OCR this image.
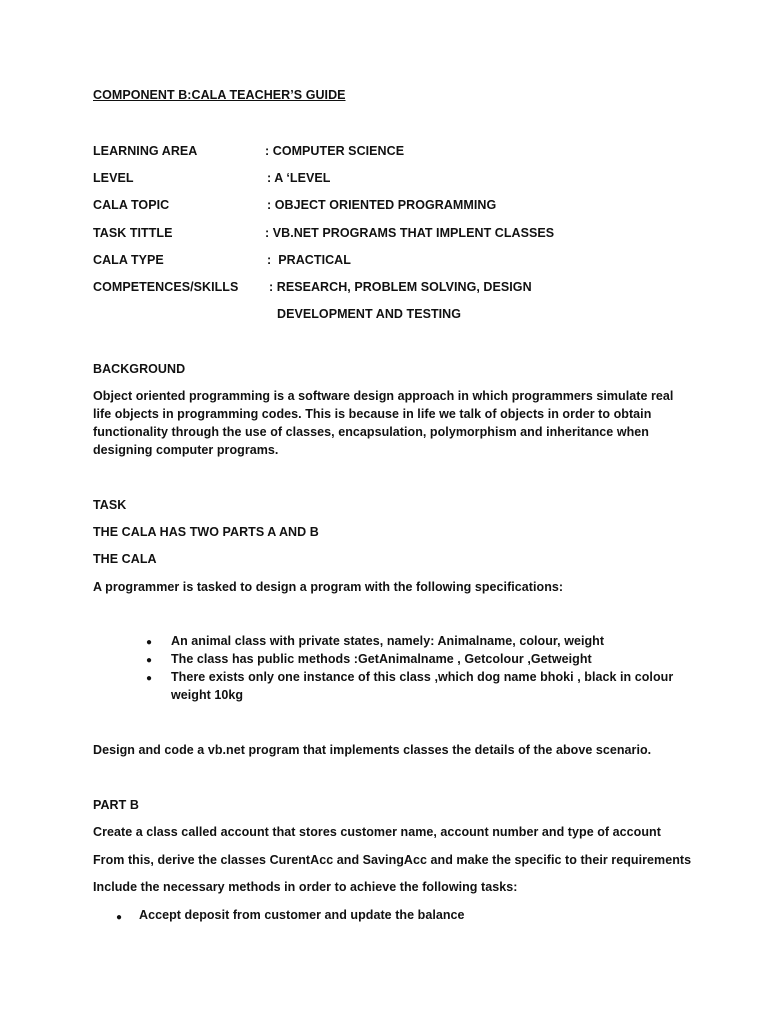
COMPONENT B:CALA TEACHER’S GUIDE
LEARNING AREA	: COMPUTER SCIENCE
LEVEL	: A ‘LEVEL
CALA TOPIC	: OBJECT ORIENTED PROGRAMMING
TASK TITTLE	: VB.NET PROGRAMS THAT IMPLENT CLASSES
CALA TYPE	:  PRACTICAL
COMPETENCES/SKILLS : RESEARCH, PROBLEM SOLVING, DESIGN
DEVELOPMENT AND TESTING
BACKGROUND
Object oriented programming is a software design approach in which programmers simulate real
life objects in programming codes. This is because in life we talk of objects in order to obtain
functionality through the use of classes, encapsulation, polymorphism and inheritance when
designing computer programs.
TASK
THE CALA HAS TWO PARTS A AND B
THE CALA
A programmer is tasked to design a program with the following specifications:
● An animal class with private states, namely: Animalname, colour, weight
● The class has public methods :GetAnimalname , Getcolour ,Getweight
● There exists only one instance of this class ,which dog name bhoki , black in colour
weight 10kg
Design and code a vb.net program that implements classes the details of the above scenario.
PART B
Create a class called account that stores customer name, account number and type of account
From this, derive the classes CurentAcc and SavingAcc and make the specific to their requirements
Include the necessary methods in order to achieve the following tasks:
● Accept deposit from customer and update the balance
